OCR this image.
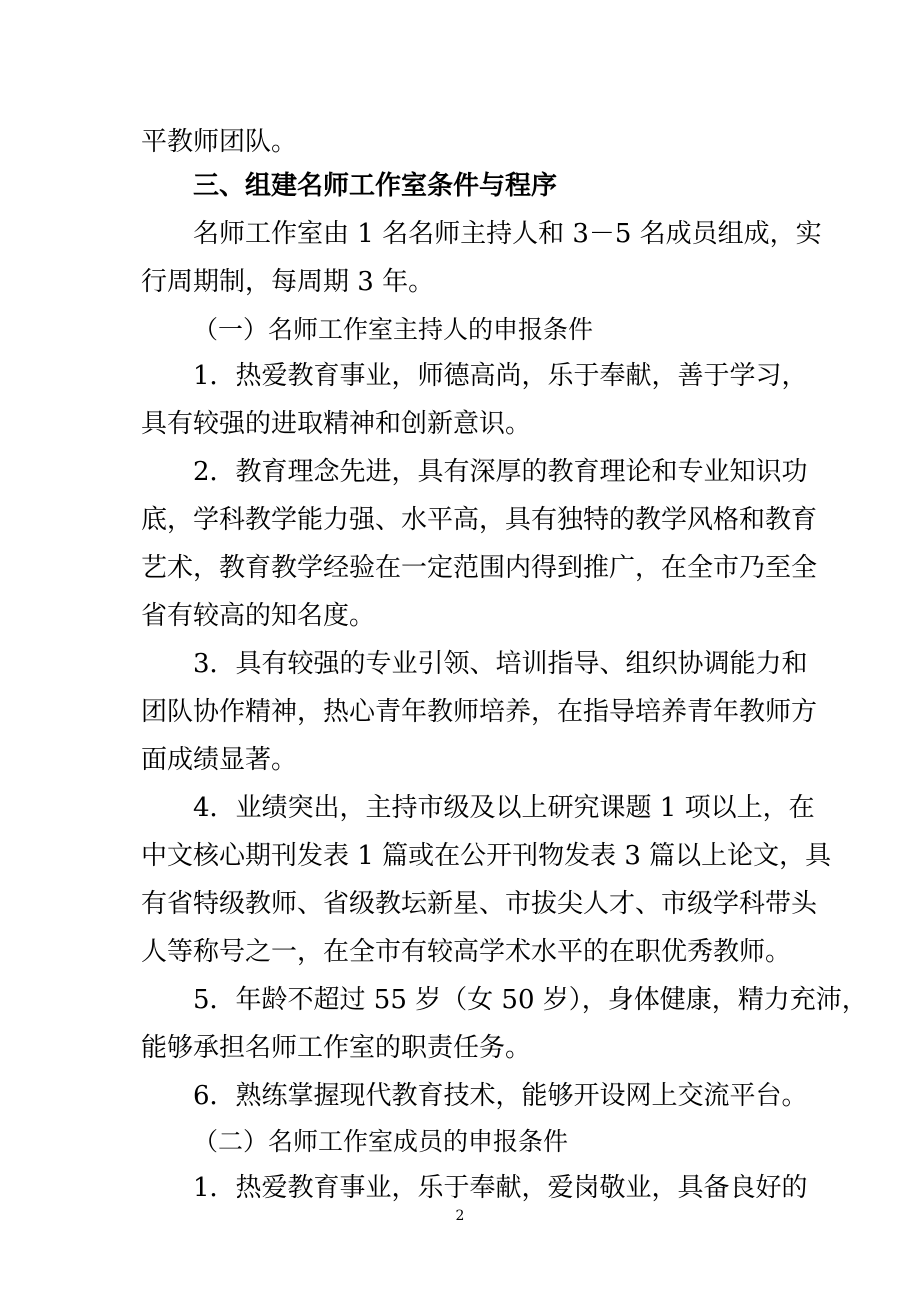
平教师团队。
三、组建名师工作室条件与程序
名师工作室由 1 名名师主持人和 3－5 名成员组成，实
行周期制，每周期 3 年。
（一）名师工作室主持人的申报条件
1．热爱教育事业，师德高尚，乐于奉献，善于学习，
具有较强的进取精神和创新意识。
2．教育理念先进，具有深厚的教育理论和专业知识功
底，学科教学能力强、水平高，具有独特的教学风格和教育
艺术，教育教学经验在一定范围内得到推广，在全市乃至全
省有较高的知名度。
3．具有较强的专业引领、培训指导、组织协调能力和
团队协作精神，热心青年教师培养，在指导培养青年教师方
面成绩显著。
4．业绩突出，主持市级及以上研究课题 1 项以上，在
中文核心期刊发表 1 篇或在公开刊物发表 3 篇以上论文，具
有省特级教师、省级教坛新星、市拔尖人才、市级学科带头
人等称号之一，在全市有较高学术水平的在职优秀教师。
5．年龄不超过 55 岁（女 50 岁），身体健康，精力充沛，
能够承担名师工作室的职责任务。
6．熟练掌握现代教育技术，能够开设网上交流平台。
（二）名师工作室成员的申报条件
1．热爱教育事业，乐于奉献，爱岗敬业，具备良好的
2
